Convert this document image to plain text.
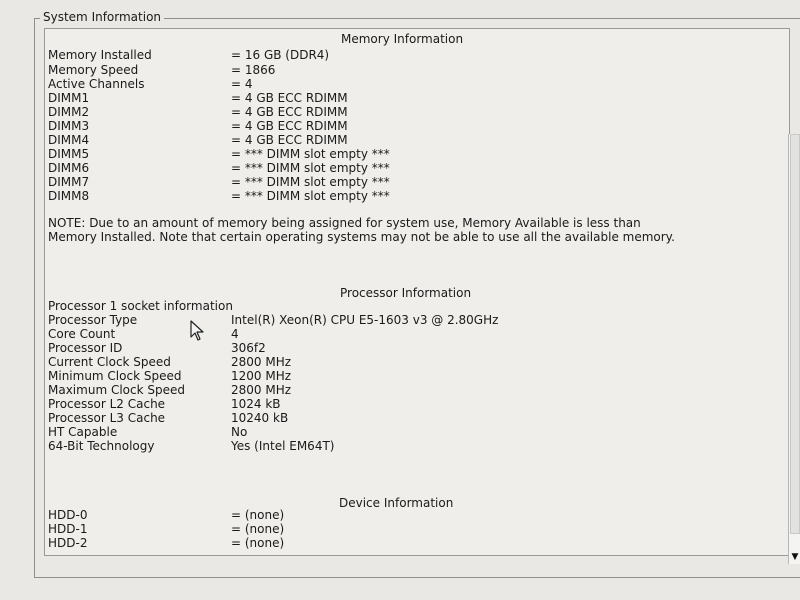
System Information
Memory Information
Memory Installed	= 16 GB (DDR4)
Memory Speed	= 1866
Active Channels	= 4
DIMM1	= 4 GB ECC RDIMM
DIMM2	= 4 GB ECC RDIMM
DIMM3	= 4 GB ECC RDIMM
DIMM4	= 4 GB ECC RDIMM
DIMM5	= *** DIMM slot empty ***
DIMM6	= *** DIMM slot empty ***
DIMM7	= *** DIMM slot empty ***
DIMM8	= *** DIMM slot empty ***
NOTE: Due to an amount of memory being assigned for system use, Memory Available is less than Memory Installed. Note that certain operating systems may not be able to use all the available memory.
Processor Information
Processor 1 socket information
Processor Type	Intel(R) Xeon(R) CPU E5-1603 v3 @ 2.80GHz
Core Count	4
Processor ID	306f2
Current Clock Speed	2800 MHz
Minimum Clock Speed	1200 MHz
Maximum Clock Speed	2800 MHz
Processor L2 Cache	1024 kB
Processor L3 Cache	10240 kB
HT Capable	No
64-Bit Technology	Yes (Intel EM64T)
Device Information
HDD-0	= (none)
HDD-1	= (none)
HDD-2	= (none)
▼
